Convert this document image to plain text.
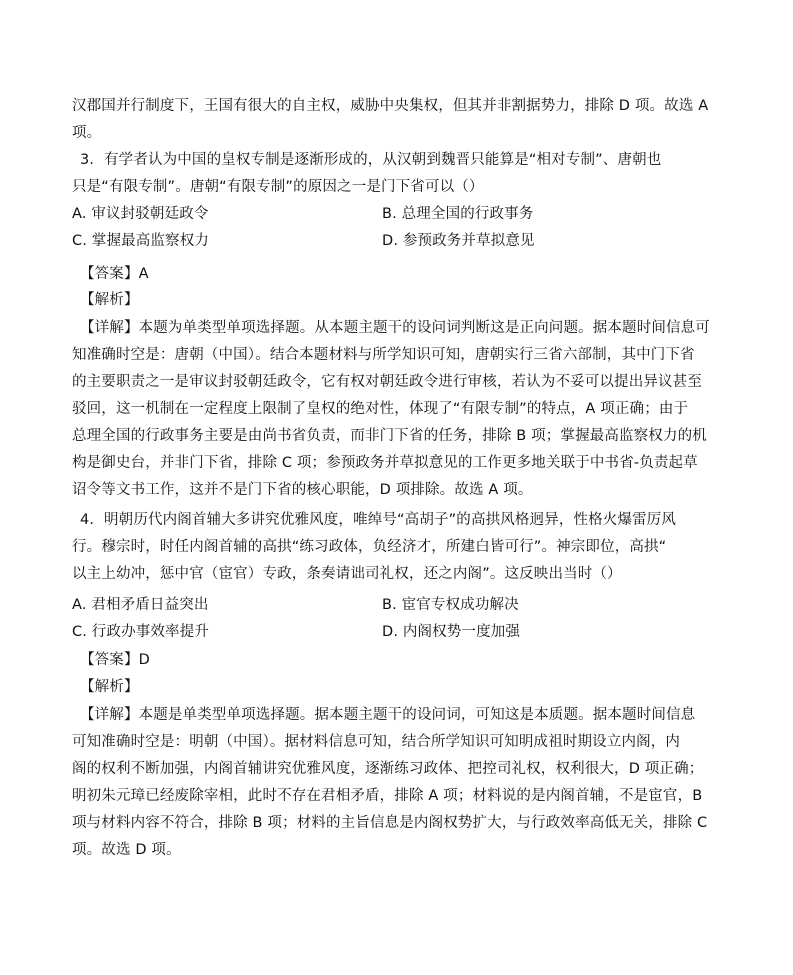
汉郡国并行制度下，王国有很大的自主权，威胁中央集权，但其并非割据势力，排除 D 项。故选 A
项。
3．有学者认为中国的皇权专制是逐渐形成的，从汉朝到魏晋只能算是“相对专制”、唐朝也
只是“有限专制”。唐朝“有限专制”的原因之一是门下省可以（）
A. 审议封驳朝廷政令	B. 总理全国的行政事务
C. 掌握最高监察权力	D. 参预政务并草拟意见
【答案】A
【解析】
【详解】本题为单类型单项选择题。从本题主题干的设问词判断这是正向问题。据本题时间信息可
知准确时空是：唐朝（中国）。结合本题材料与所学知识可知，唐朝实行三省六部制，其中门下省
的主要职责之一是审议封驳朝廷政令，它有权对朝廷政令进行审核，若认为不妥可以提出异议甚至
驳回，这一机制在一定程度上限制了皇权的绝对性，体现了“有限专制”的特点，A 项正确；由于
总理全国的行政事务主要是由尚书省负责，而非门下省的任务，排除 B 项；掌握最高监察权力的机
构是御史台，并非门下省，排除 C 项；参预政务并草拟意见的工作更多地关联于中书省-负责起草
诏令等文书工作，这并不是门下省的核心职能，D 项排除。故选 A 项。
4．明朝历代内阁首辅大多讲究优雅风度，唯绰号“高胡子”的高拱风格迥异，性格火爆雷厉风
行。穆宗时，时任内阁首辅的高拱“练习政体，负经济才，所建白皆可行”。神宗即位，高拱“
以主上幼冲，惩中官（宦官）专政，条奏请诎司礼权，还之内阁”。这反映出当时（）
A. 君相矛盾日益突出	B. 宦官专权成功解决
C. 行政办事效率提升	D. 内阁权势一度加强
【答案】D
【解析】
【详解】本题是单类型单项选择题。据本题主题干的设问词，可知这是本质题。据本题时间信息
可知准确时空是：明朝（中国）。据材料信息可知，结合所学知识可知明成祖时期设立内阁，内
阁的权利不断加强，内阁首辅讲究优雅风度，逐渐练习政体、把控司礼权，权利很大，D 项正确；
明初朱元璋已经废除宰相，此时不存在君相矛盾，排除 A 项；材料说的是内阁首辅，不是宦官，B
项与材料内容不符合，排除 B 项；材料的主旨信息是内阁权势扩大，与行政效率高低无关，排除 C
项。故选 D 项。
